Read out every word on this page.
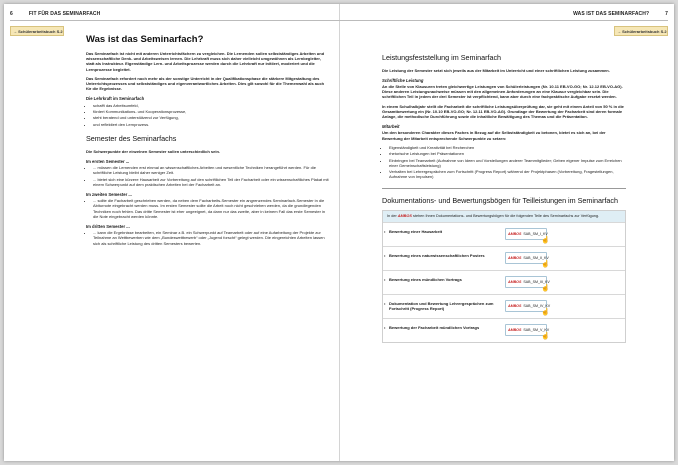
6	FIT FÜR DAS SEMINARFACH	WAS IST DAS SEMINARFACH?	7
→ Schülerarbeitsbuch S.2	→ Schülerarbeitsbuch S.2
Was ist das Seminarfach?

Das Seminarfach ist nicht mit anderen Unterrichtsfächern zu vergleichen. Die Lernenden sollen selbstständiges Arbeiten und wissenschaftliche Denk- und Arbeitsweisen lernen. Die Lehrkraft muss sich daher vielleicht umgewöhnen als Lernbegleiter, statt als Instrukteur. Eigenständige Lern- und Arbeitsprozesse werden durch die Lehrkraft nur initiiert, moderiert und die Lernprozesse begleitet.

Das Seminarfach erfordert noch mehr als der sonstige Unterricht in der Qualifikationsphase die stärkere Mitgestaltung des Unterrichtsprozesses und selbstständiges und eigenverantwortliches Arbeiten. Dies gilt sowohl für die Themenwahl als auch für die Ergebnisse.

Die Lehrkraft im Seminarfach
• schafft das Arbeitsumfeld,
• fördert Kommunikations- und Kooperationsprozesse,
• steht beratend und unterstützend zur Verfügung,
• und reflektiert den Lernprozess.
Semester des Seminarfachs

Die Schwerpunkte der einzelnen Semester sollen unterschiedlich sein.

Im ersten Semester ...
• ... müssen die Lernenden erst einmal an wissenschaftliches Arbeiten und wesentliche Techniken herangeführt werden. Für die schriftliche Leistung bleibt daher weniger Zeit.
• ... bietet sich eine kürzere Hausarbeit zur Vorbereitung auf den schriftlichen Teil der Facharbeit oder ein wissenschaftliches Plakat mit einem Schwerpunkt auf dem praktischen Arbeiten bei der Facharbeit an.
Im zweiten Semester ...
• ... sollte die Facharbeit geschrieben werden, da neben dem Facharbeits-Semester ein angrenzendes Seminarfach-Semester in die Abiturnote eingebracht werden muss. Im ersten Semester sollte die Arbeit noch nicht geschrieben werden, da die grundlegenden Techniken noch fehlen. Das dritte Semester ist eher ungeeignet, da dann nur das zweite, aber in keinem Fall das erste Semester in die Note eingebracht werden könnte.
Im dritten Semester ...
• ... kann die Ergebnisse bearbeiten, ein Seminar z.B. ein Schwerpunkt auf Teamarbeit oder auf eine Aufarbeitung der Projekte zur Teilnahme an Wettbewerben wie dem „Bundeswettbewerb“ oder „Jugend forscht“ gelegt werden. Die eingereichten Arbeiten lassen sich als schriftliche Leistung des dritten Semesters bewerten.
Leistungsfeststellung im Seminarfach

Die Leistung der Semester setzt sich jeweils aus der Mitarbeit im Unterricht und einer schriftlichen Leistung zusammen.

Schriftliche Leistung

An die Stelle von Klausuren treten gleichwertige Leistungen von Schülerleistungen (Nr. 10.11 EB-VO-GO; Nr. 12.12 EB-VO-AG). Diese anderen Leistungsnachweise müssen mit den allgemeinen Anforderungen an eine Klausur vergleichbar sein. Die schriftlichen Teil in jedem der drei Semester ist verpflichtend, kann aber durch eine fachpraktische Aufgabe ersetzt werden.

In einem Schulhalbjahr stellt die Facharbeit die schriftliche Leistungsüberprüfung dar, sie geht mit einem Anteil von 50 % in die Gesamtbewertung ein (Nr. 10.10 EB-VO-GO; Nr. 12.11 EB-VO-AG). Grundlage der Bewertung der Facharbeit sind deren formale Anlage, die methodische Durchführung sowie die inhaltliche Bewältigung des Themas und die Präsentation.

Mitarbeit

Um den besonderen Charakter dieses Faches in Bezug auf die Selbstständigkeit zu betonen, bietet es sich an, bei der Bewertung der Mitarbeit entsprechende Schwerpunkte zu setzen:

• Eigenständigkeit und Kreativität bei Recherchen
• rhetorische Leistungen bei Präsentationen
• Einbringen bei Teamarbeit (Aufnahme von Ideen und Vorstellungen anderer Teammitglieder; Geben eigener Impulse zum Erreichen einer Gemeinschaftsleistung)
• Verhalten bei Lehrergesprächen zum Fortschritt (Progress Report) während der Projektphasen (Vorbereitung, Fragestellungen, Aufnahme von Impulsen)
Dokumentations- und Bewertungsbögen für Teilleistungen im Seminarfach
In der AMBOS stehen Ihnen Dokumentations- und Bewertungsbögen für die folgenden Teile des Seminarfachs zur Verfügung.
• Bewertung einer Hausarbeit	AMBOS SAB_SM_I_KV
☝
• Bewertung eines naturwissenschaftlichen Posters	AMBOS SAB_SM_II_KV
☝
• Bewertung eines mündlichen Vortrags	AMBOS SAB_SM_III_KV
☝
• Dokumentation und Bewertung Lehrergesprächen zum Fortschritt (Progress Report)	AMBOS SAB_SM_IV_KV
☝
• Bewertung der Facharbeit mündlichen Vortrags	AMBOS SAB_SM_V_KV
☝
